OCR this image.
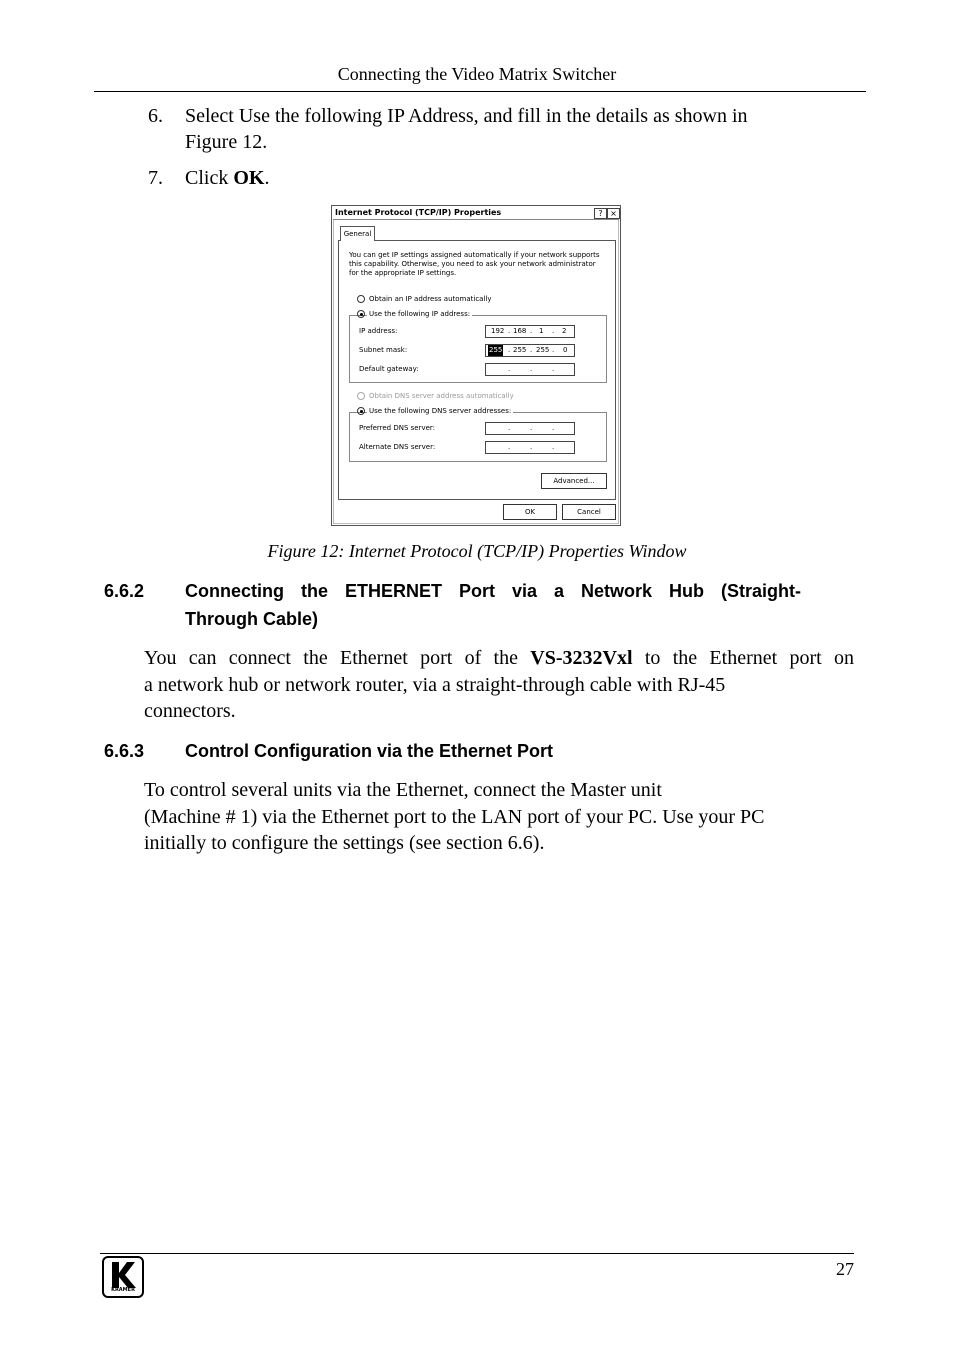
Connecting the Video Matrix Switcher
6. Select Use the following IP Address, and fill in the details as shown in
Figure 12.
7. Click OK.
Internet Protocol (TCP/IP) Properties	? ×
General
You can get IP settings assigned automatically if your network supports this capability. Otherwise, you need to ask your network administrator for the appropriate IP settings.
Obtain an IP address automatically
Use the following IP address:
IP address:	192 . 168 . 1 . 2
Subnet mask:	255 . 255 . 255 . 0
Default gateway:	.	.	.
Obtain DNS server address automatically
Use the following DNS server addresses:
Preferred DNS server:	.	.	.
Alternate DNS server:	.	.	.
Advanced...
OK	Cancel
Figure 12: Internet Protocol (TCP/IP) Properties Window
6.6.2 Connecting the ETHERNET Port via a Network Hub (Straight-
Through Cable)
You can connect the Ethernet port of the VS-3232Vxl to the Ethernet port on
a network hub or network router, via a straight-through cable with RJ-45
connectors.
6.6.3 Control Configuration via the Ethernet Port
To control several units via the Ethernet, connect the Master unit
(Machine # 1) via the Ethernet port to the LAN port of your PC. Use your PC
initially to configure the settings (see section 6.6).
KRAMER
27
